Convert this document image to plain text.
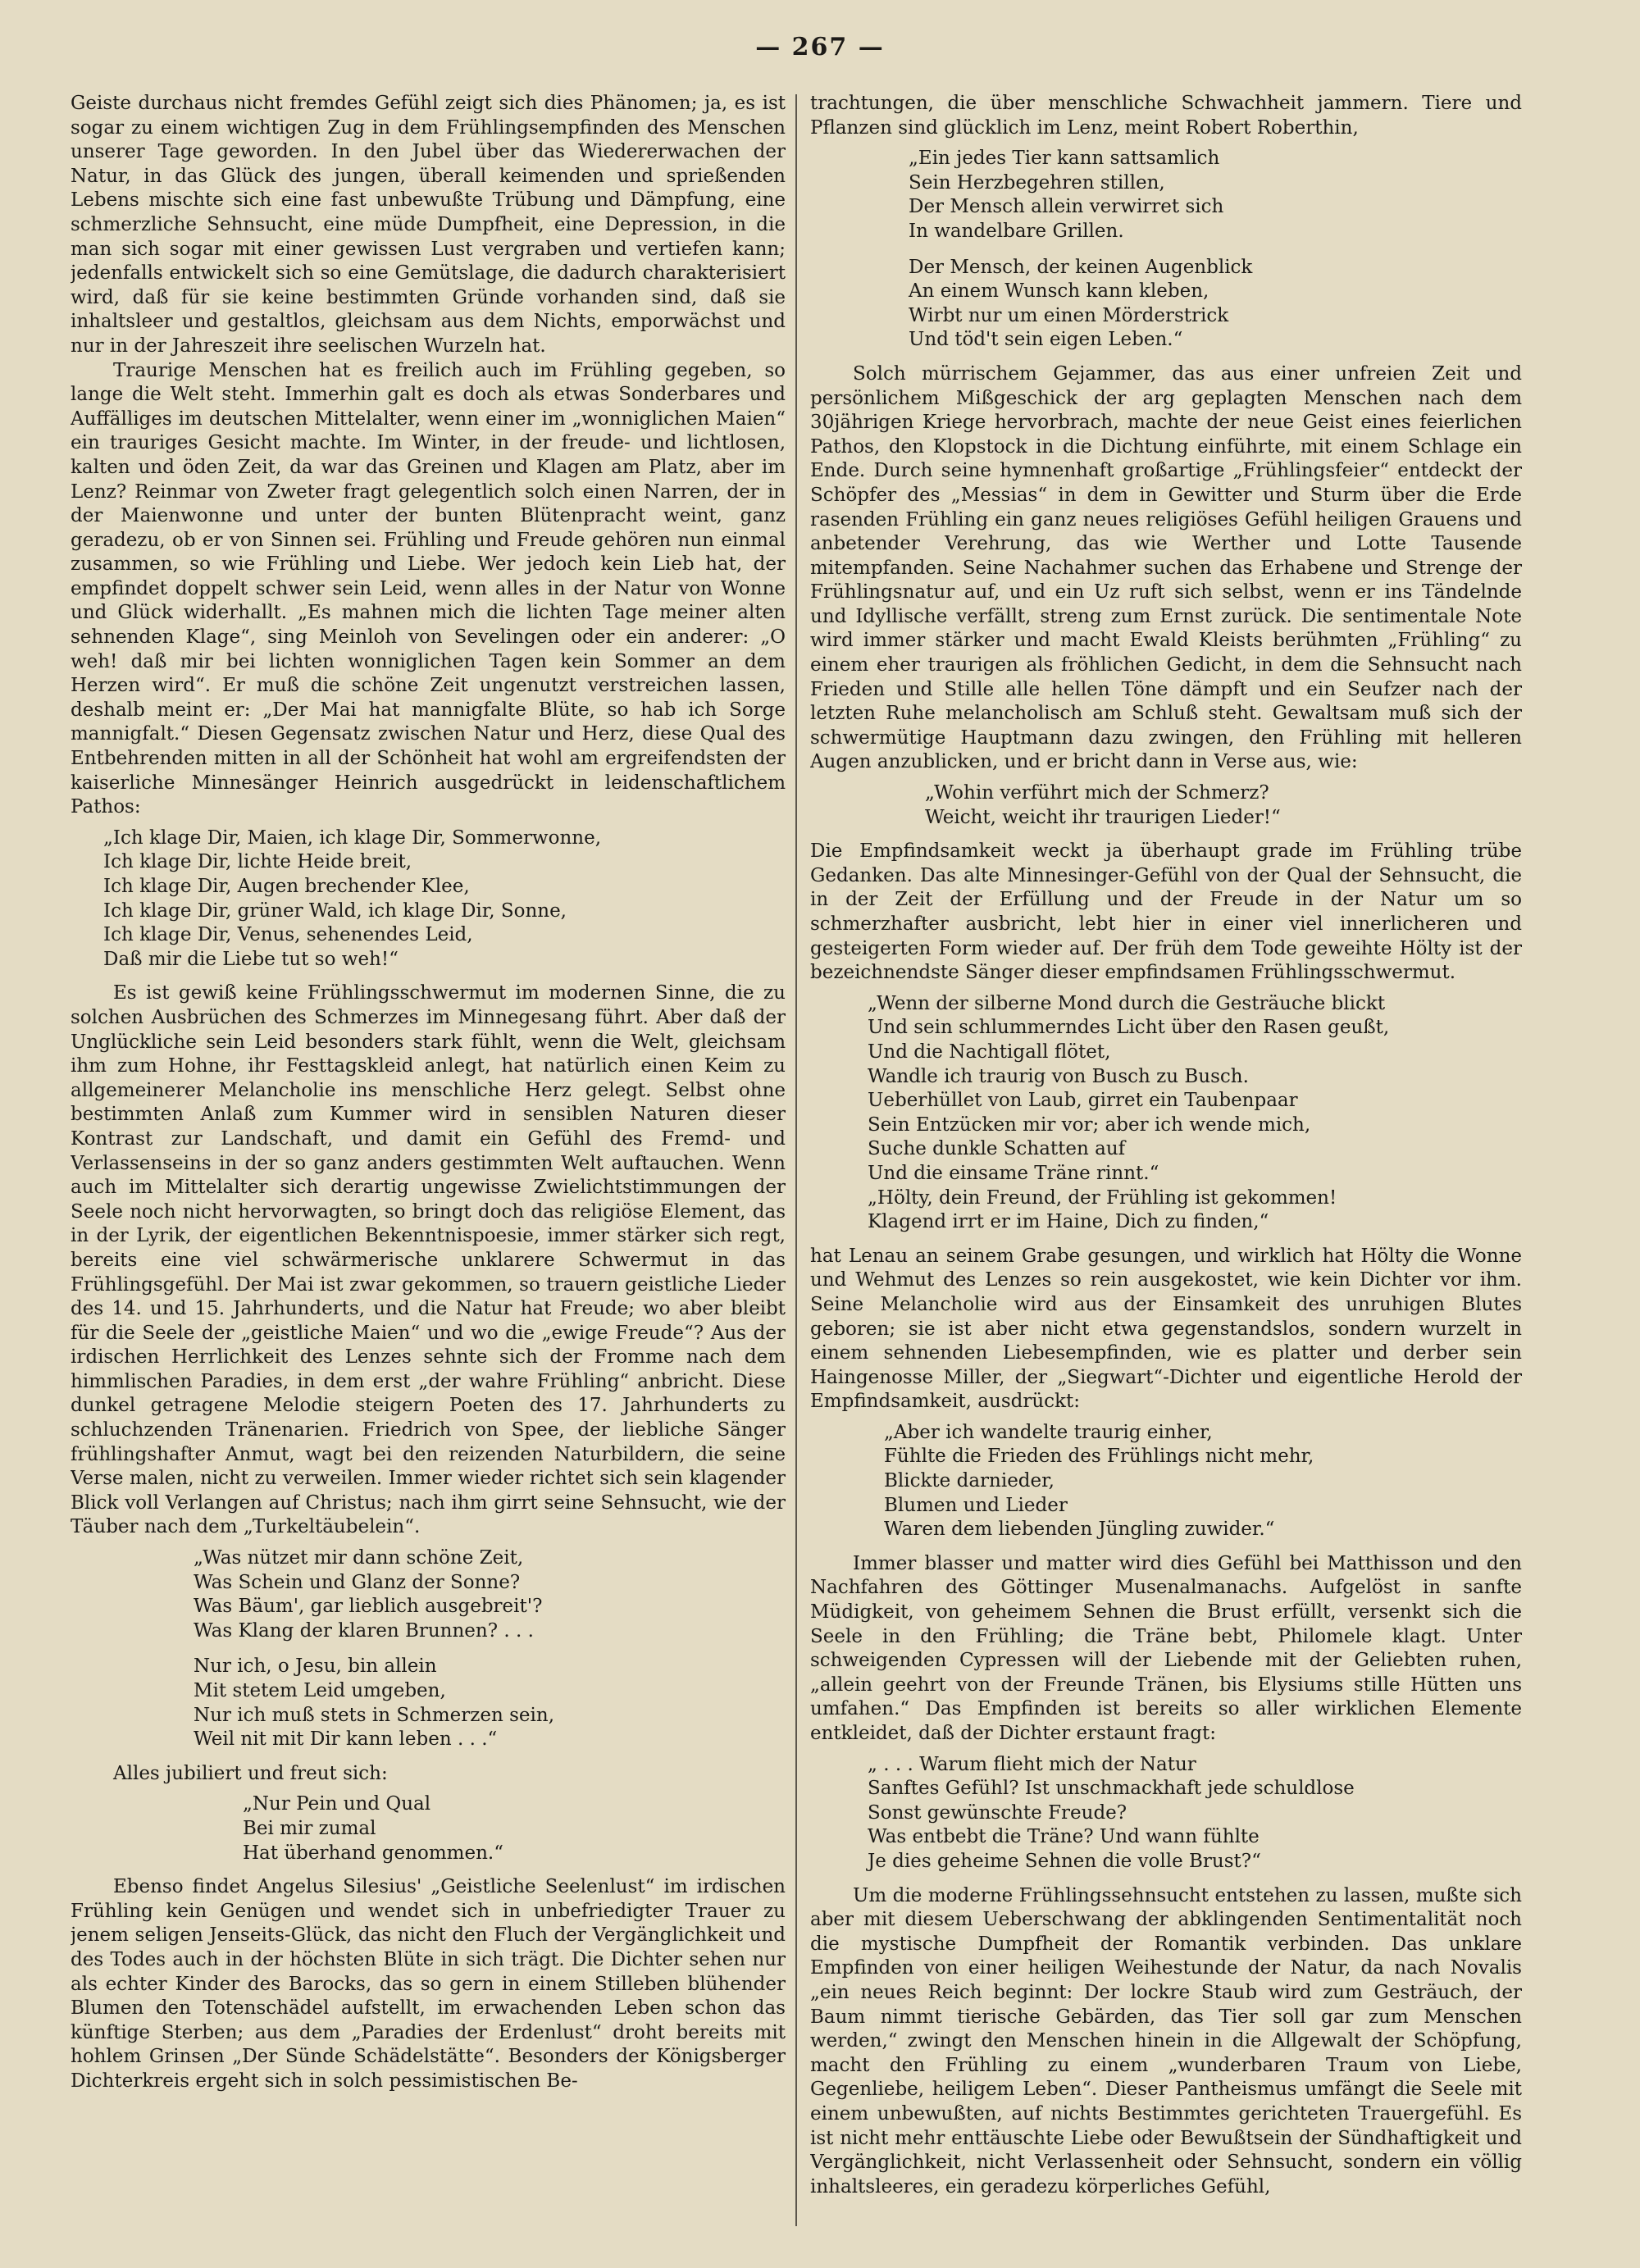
— 267 —

Geiste durchaus nicht fremdes Gefühl zeigt sich dies Phänomen; ja, es ist sogar zu einem wichtigen Zug in dem Frühlingsempfinden des Menschen unserer Tage geworden. In den Jubel über das Wiedererwachen der Natur, in das Glück des jungen, überall keimenden und sprießenden Lebens mischte sich eine fast unbewußte Trübung und Dämpfung, eine schmerzliche Sehnsucht, eine müde Dumpfheit, eine Depression, in die man sich sogar mit einer gewissen Lust vergraben und vertiefen kann; jedenfalls entwickelt sich so eine Gemütslage, die dadurch charakterisiert wird, daß für sie keine bestimmten Gründe vorhanden sind, daß sie inhaltsleer und gestaltlos, gleichsam aus dem Nichts, emporwächst und nur in der Jahreszeit ihre seelischen Wurzeln hat.

Traurige Menschen hat es freilich auch im Frühling gegeben, so lange die Welt steht. Immerhin galt es doch als etwas Sonderbares und Auffälliges im deutschen Mittelalter, wenn einer im „wonniglichen Maien“ ein trauriges Gesicht machte. Im Winter, in der freude- und lichtlosen, kalten und öden Zeit, da war das Greinen und Klagen am Platz, aber im Lenz? Reinmar von Zweter fragt gelegentlich solch einen Narren, der in der Maienwonne und unter der bunten Blütenpracht weint, ganz geradezu, ob er von Sinnen sei. Frühling und Freude gehören nun einmal zusammen, so wie Frühling und Liebe. Wer jedoch kein Lieb hat, der empfindet doppelt schwer sein Leid, wenn alles in der Natur von Wonne und Glück widerhallt. „Es mahnen mich die lichten Tage meiner alten sehnenden Klage“, sing Meinloh von Sevelingen oder ein anderer: „O weh! daß mir bei lichten wonniglichen Tagen kein Sommer an dem Herzen wird“. Er muß die schöne Zeit ungenutzt verstreichen lassen, deshalb meint er: „Der Mai hat mannigfalte Blüte, so hab ich Sorge mannigfalt.“ Diesen Gegensatz zwischen Natur und Herz, diese Qual des Entbehrenden mitten in all der Schönheit hat wohl am ergreifendsten der kaiserliche Minnesänger Heinrich ausgedrückt in leidenschaftlichem Pathos:

„Ich klage Dir, Maien, ich klage Dir, Sommerwonne,
Ich klage Dir, lichte Heide breit,
Ich klage Dir, Augen brechender Klee,
Ich klage Dir, grüner Wald, ich klage Dir, Sonne,
Ich klage Dir, Venus, sehenendes Leid,
Daß mir die Liebe tut so weh!“

Es ist gewiß keine Frühlingsschwermut im modernen Sinne, die zu solchen Ausbrüchen des Schmerzes im Minnegesang führt. Aber daß der Unglückliche sein Leid besonders stark fühlt, wenn die Welt, gleichsam ihm zum Hohne, ihr Festtagskleid anlegt, hat natürlich einen Keim zu allgemeinerer Melancholie ins menschliche Herz gelegt. Selbst ohne bestimmten Anlaß zum Kummer wird in sensiblen Naturen dieser Kontrast zur Landschaft, und damit ein Gefühl des Fremd- und Verlassenseins in der so ganz anders gestimmten Welt auftauchen. Wenn auch im Mittelalter sich derartig ungewisse Zwielichtstimmungen der Seele noch nicht hervorwagten, so bringt doch das religiöse Element, das in der Lyrik, der eigentlichen Bekenntnispoesie, immer stärker sich regt, bereits eine viel schwärmerische unklarere Schwermut in das Frühlingsgefühl. Der Mai ist zwar gekommen, so trauern geistliche Lieder des 14. und 15. Jahrhunderts, und die Natur hat Freude; wo aber bleibt für die Seele der „geistliche Maien“ und wo die „ewige Freude“? Aus der irdischen Herrlichkeit des Lenzes sehnte sich der Fromme nach dem himmlischen Paradies, in dem erst „der wahre Frühling“ anbricht. Diese dunkel getragene Melodie steigern Poeten des 17. Jahrhunderts zu schluchzenden Tränenarien. Friedrich von Spee, der liebliche Sänger frühlingshafter Anmut, wagt bei den reizenden Naturbildern, die seine Verse malen, nicht zu verweilen. Immer wieder richtet sich sein klagender Blick voll Verlangen auf Christus; nach ihm girrt seine Sehnsucht, wie der Täuber nach dem „Turkeltäubelein“.

„Was nützet mir dann schöne Zeit,
Was Schein und Glanz der Sonne?
Was Bäum', gar lieblich ausgebreit'?
Was Klang der klaren Brunnen? . . .
Nur ich, o Jesu, bin allein
Mit stetem Leid umgeben,
Nur ich muß stets in Schmerzen sein,
Weil nit mit Dir kann leben . . .“

Alles jubiliert und freut sich:

„Nur Pein und Qual
Bei mir zumal
Hat überhand genommen.“

Ebenso findet Angelus Silesius' „Geistliche Seelenlust“ im irdischen Frühling kein Genügen und wendet sich in unbefriedigter Trauer zu jenem seligen Jenseits-Glück, das nicht den Fluch der Vergänglichkeit und des Todes auch in der höchsten Blüte in sich trägt. Die Dichter sehen nur als echter Kinder des Barocks, das so gern in einem Stilleben blühender Blumen den Totenschädel aufstellt, im erwachenden Leben schon das künftige Sterben; aus dem „Paradies der Erdenlust“ droht bereits mit hohlem Grinsen „Der Sünde Schädelstätte“. Besonders der Königsberger Dichterkreis ergeht sich in solch pessimistischen Be-

trachtungen, die über menschliche Schwachheit jammern. Tiere und Pflanzen sind glücklich im Lenz, meint Robert Roberthin,

„Ein jedes Tier kann sattsamlich
Sein Herzbegehren stillen,
Der Mensch allein verwirret sich
In wandelbare Grillen.
Der Mensch, der keinen Augenblick
An einem Wunsch kann kleben,
Wirbt nur um einen Mörderstrick
Und töd't sein eigen Leben.“

Solch mürrischem Gejammer, das aus einer unfreien Zeit und persönlichem Mißgeschick der arg geplagten Menschen nach dem 30jährigen Kriege hervorbrach, machte der neue Geist eines feierlichen Pathos, den Klopstock in die Dichtung einführte, mit einem Schlage ein Ende. Durch seine hymnenhaft großartige „Frühlingsfeier“ entdeckt der Schöpfer des „Messias“ in dem in Gewitter und Sturm über die Erde rasenden Frühling ein ganz neues religiöses Gefühl heiligen Grauens und anbetender Verehrung, das wie Werther und Lotte Tausende mitempfanden. Seine Nachahmer suchen das Erhabene und Strenge der Frühlingsnatur auf, und ein Uz ruft sich selbst, wenn er ins Tändelnde und Idyllische verfällt, streng zum Ernst zurück. Die sentimentale Note wird immer stärker und macht Ewald Kleists berühmten „Frühling“ zu einem eher traurigen als fröhlichen Gedicht, in dem die Sehnsucht nach Frieden und Stille alle hellen Töne dämpft und ein Seufzer nach der letzten Ruhe melancholisch am Schluß steht. Gewaltsam muß sich der schwermütige Hauptmann dazu zwingen, den Frühling mit helleren Augen anzublicken, und er bricht dann in Verse aus, wie:

„Wohin verführt mich der Schmerz?
Weicht, weicht ihr traurigen Lieder!“

Die Empfindsamkeit weckt ja überhaupt grade im Frühling trübe Gedanken. Das alte Minnesinger-Gefühl von der Qual der Sehnsucht, die in der Zeit der Erfüllung und der Freude in der Natur um so schmerzhafter ausbricht, lebt hier in einer viel innerlicheren und gesteigerten Form wieder auf. Der früh dem Tode geweihte Hölty ist der bezeichnendste Sänger dieser empfindsamen Frühlingsschwermut.

„Wenn der silberne Mond durch die Gesträuche blickt
Und sein schlummerndes Licht über den Rasen geußt,
Und die Nachtigall flötet,
Wandle ich traurig von Busch zu Busch.
Ueberhüllet von Laub, girret ein Taubenpaar
Sein Entzücken mir vor; aber ich wende mich,
Suche dunkle Schatten auf
Und die einsame Träne rinnt.“
„Hölty, dein Freund, der Frühling ist gekommen!
Klagend irrt er im Haine, Dich zu finden,“

hat Lenau an seinem Grabe gesungen, und wirklich hat Hölty die Wonne und Wehmut des Lenzes so rein ausgekostet, wie kein Dichter vor ihm. Seine Melancholie wird aus der Einsamkeit des unruhigen Blutes geboren; sie ist aber nicht etwa gegenstandslos, sondern wurzelt in einem sehnenden Liebesempfinden, wie es platter und derber sein Haingenosse Miller, der „Siegwart“-Dichter und eigentliche Herold der Empfindsamkeit, ausdrückt:

„Aber ich wandelte traurig einher,
Fühlte die Frieden des Frühlings nicht mehr,
Blickte darnieder,
Blumen und Lieder
Waren dem liebenden Jüngling zuwider.“

Immer blasser und matter wird dies Gefühl bei Matthisson und den Nachfahren des Göttinger Musenalmanachs. Aufgelöst in sanfte Müdigkeit, von geheimem Sehnen die Brust erfüllt, versenkt sich die Seele in den Frühling; die Träne bebt, Philomele klagt. Unter schweigenden Cypressen will der Liebende mit der Geliebten ruhen, „allein geehrt von der Freunde Tränen, bis Elysiums stille Hütten uns umfahen.“ Das Empfinden ist bereits so aller wirklichen Elemente entkleidet, daß der Dichter erstaunt fragt:

„ . . . Warum flieht mich der Natur
Sanftes Gefühl? Ist unschmackhaft jede schuldlose
Sonst gewünschte Freude?
Was entbebt die Träne? Und wann fühlte
Je dies geheime Sehnen die volle Brust?“

Um die moderne Frühlingssehnsucht entstehen zu lassen, mußte sich aber mit diesem Ueberschwang der abklingenden Sentimentalität noch die mystische Dumpfheit der Romantik verbinden. Das unklare Empfinden von einer heiligen Weihestunde der Natur, da nach Novalis „ein neues Reich beginnt: Der lockre Staub wird zum Gesträuch, der Baum nimmt tierische Gebärden, das Tier soll gar zum Menschen werden,“ zwingt den Menschen hinein in die Allgewalt der Schöpfung, macht den Frühling zu einem „wunderbaren Traum von Liebe, Gegenliebe, heiligem Leben“. Dieser Pantheismus umfängt die Seele mit einem unbewußten, auf nichts Bestimmtes gerichteten Trauergefühl. Es ist nicht mehr enttäuschte Liebe oder Bewußtsein der Sündhaftigkeit und Vergänglichkeit, nicht Verlassenheit oder Sehnsucht, sondern ein völlig inhaltsleeres, ein geradezu körperliches Gefühl,
